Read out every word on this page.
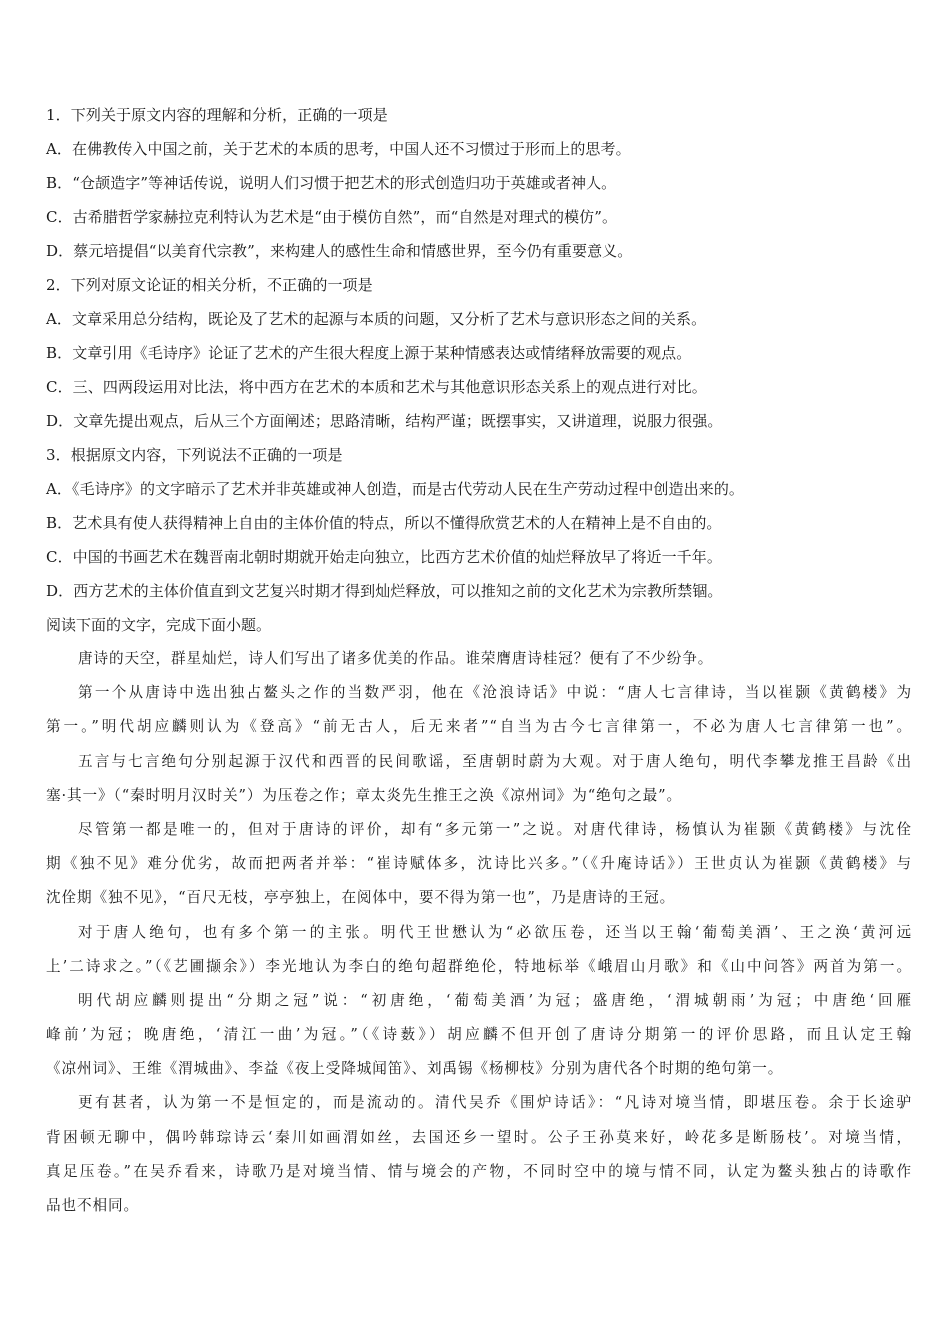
1．下列关于原文内容的理解和分析，正确的一项是
A．在佛教传入中国之前，关于艺术的本质的思考，中国人还不习惯过于形而上的思考。
B．“仓颉造字”等神话传说，说明人们习惯于把艺术的形式创造归功于英雄或者神人。
C．古希腊哲学家赫拉克利特认为艺术是“由于模仿自然”，而“自然是对理式的模仿”。
D．蔡元培提倡“以美育代宗教”，来构建人的感性生命和情感世界，至今仍有重要意义。
2．下列对原文论证的相关分析，不正确的一项是
A．文章采用总分结构，既论及了艺术的起源与本质的问题，又分析了艺术与意识形态之间的关系。
B．文章引用《毛诗序》论证了艺术的产生很大程度上源于某种情感表达或情绪释放需要的观点。
C．三、四两段运用对比法，将中西方在艺术的本质和艺术与其他意识形态关系上的观点进行对比。
D．文章先提出观点，后从三个方面阐述；思路清晰，结构严谨；既摆事实，又讲道理，说服力很强。
3．根据原文内容，下列说法不正确的一项是
A．《毛诗序》的文字暗示了艺术并非英雄或神人创造，而是古代劳动人民在生产劳动过程中创造出来的。
B．艺术具有使人获得精神上自由的主体价值的特点，所以不懂得欣赏艺术的人在精神上是不自由的。
C．中国的书画艺术在魏晋南北朝时期就开始走向独立，比西方艺术价值的灿烂释放早了将近一千年。
D．西方艺术的主体价值直到文艺复兴时期才得到灿烂释放，可以推知之前的文化艺术为宗教所禁锢。
阅读下面的文字，完成下面小题。
唐诗的天空，群星灿烂，诗人们写出了诸多优美的作品。谁荣膺唐诗桂冠？便有了不少纷争。
第一个从唐诗中选出独占鳌头之作的当数严羽，他在《沧浪诗话》中说：“唐人七言律诗，当以崔颢《黄鹤楼》为
第一。”明代胡应麟则认为《登高》“前无古人，后无来者”“自当为古今七言律第一，不必为唐人七言律第一也”。
五言与七言绝句分别起源于汉代和西晋的民间歌谣，至唐朝时蔚为大观。对于唐人绝句，明代李攀龙推王昌龄《出
塞·其一》（“秦时明月汉时关”）为压卷之作；章太炎先生推王之涣《凉州词》为“绝句之最”。
尽管第一都是唯一的，但对于唐诗的评价，却有“多元第一”之说。对唐代律诗，杨慎认为崔颢《黄鹤楼》与沈佺
期《独不见》难分优劣，故而把两者并举：“崔诗赋体多，沈诗比兴多。”（《升庵诗话》）王世贞认为崔颢《黄鹤楼》与
沈佺期《独不见》，“百尺无枝，亭亭独上，在阅体中，要不得为第一也”，乃是唐诗的王冠。
对于唐人绝句，也有多个第一的主张。明代王世懋认为“必欲压卷，还当以王翰‘葡萄美酒’、王之涣‘黄河远
上’二诗求之。”（《艺圃撷余》）李光地认为李白的绝句超群绝伦，特地标举《峨眉山月歌》和《山中问答》两首为第一。
明代胡应麟则提出“分期之冠”说：“初唐绝，‘葡萄美酒’为冠；盛唐绝，‘渭城朝雨’为冠；中唐绝‘回雁
峰前’为冠；晚唐绝，‘清江一曲’为冠。”（《诗薮》）胡应麟不但开创了唐诗分期第一的评价思路，而且认定王翰
《凉州词》、王维《渭城曲》、李益《夜上受降城闻笛》、刘禹锡《杨柳枝》分别为唐代各个时期的绝句第一。
更有甚者，认为第一不是恒定的，而是流动的。清代吴乔《围炉诗话》：“凡诗对境当情，即堪压卷。余于长途驴
背困顿无聊中，偶吟韩琮诗云‘秦川如画渭如丝，去国还乡一望时。公子王孙莫来好，岭花多是断肠枝’。对境当情，
真足压卷。”在吴乔看来，诗歌乃是对境当情、情与境会的产物，不同时空中的境与情不同，认定为鳌头独占的诗歌作
品也不相同。
